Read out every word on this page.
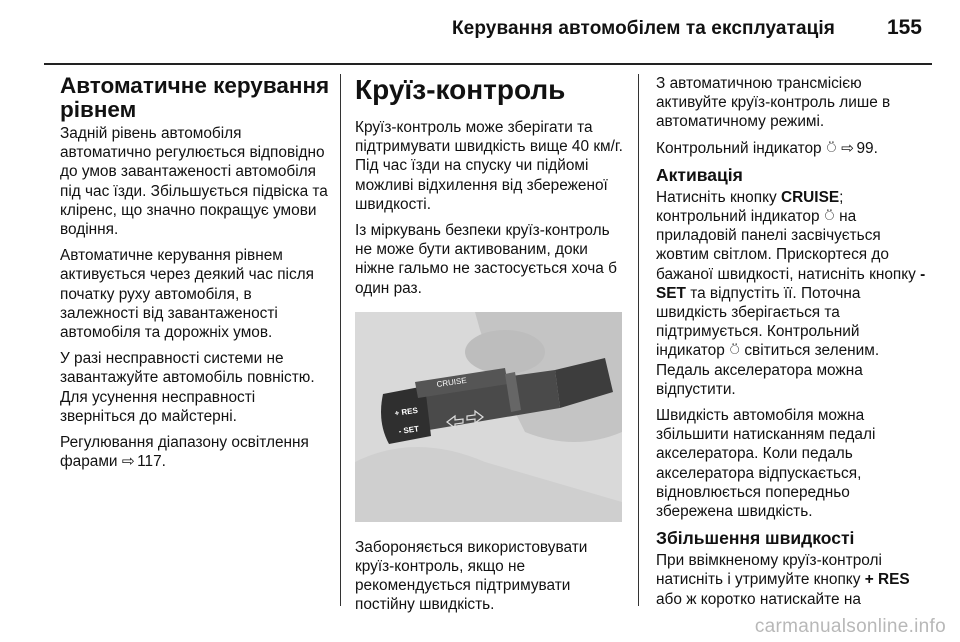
Керування автомобілем та експлуатація 155
Автоматичне керування рівнем

Задній рівень автомобіля автоматично регулюється відповідно до умов завантаженості автомобіля під час їзди. Збільшується підвіска та кліренс, що значно покращує умови водіння.

Автоматичне керування рівнем активується через деякий час після початку руху автомобіля, в залежності від завантаженості автомобіля та дорожніх умов.

У разі несправності системи не завантажуйте автомобіль повністю. Для усунення несправності зверніться до майстерні.

Регулювання діапазону освітлення фарами ⇨ 117.

Круїз-контроль

Круїз-контроль може зберігати та підтримувати швидкість вище 40 км/г. Під час їзди на спуску чи підйомі можливі відхилення від збереженої швидкості.

Із міркувань безпеки круїз-контроль не може бути активованим, доки ніжне гальмо не застосується хоча б один раз.

CRUISE
+ RES
- SET

Забороняється використовувати круїз-контроль, якщо не рекомендується підтримувати постійну швидкість.

З автоматичною трансмісією активуйте круїз-контроль лише в автоматичному режимі.

Контрольний індикатор ⍥ ⇨ 99.

Активація

Натисніть кнопку CRUISE; контрольний індикатор ⍥ на приладовій панелі засвічується жовтим світлом. Прискортеся до бажаної швидкості, натисніть кнопку - SET та відпустіть її. Поточна швидкість зберігається та підтримується. Контрольний індикатор ⍥ світиться зеленим. Педаль акселератора можна відпустити.

Швидкість автомобіля можна збільшити натисканням педалі акселератора. Коли педаль акселератора відпускається, відновлюється попередньо збережена швидкість.

Збільшення швидкості

При ввімкненому круїз-контролі натисніть і утримуйте кнопку + RES або ж коротко натискайте на

carmanualsonline.info
